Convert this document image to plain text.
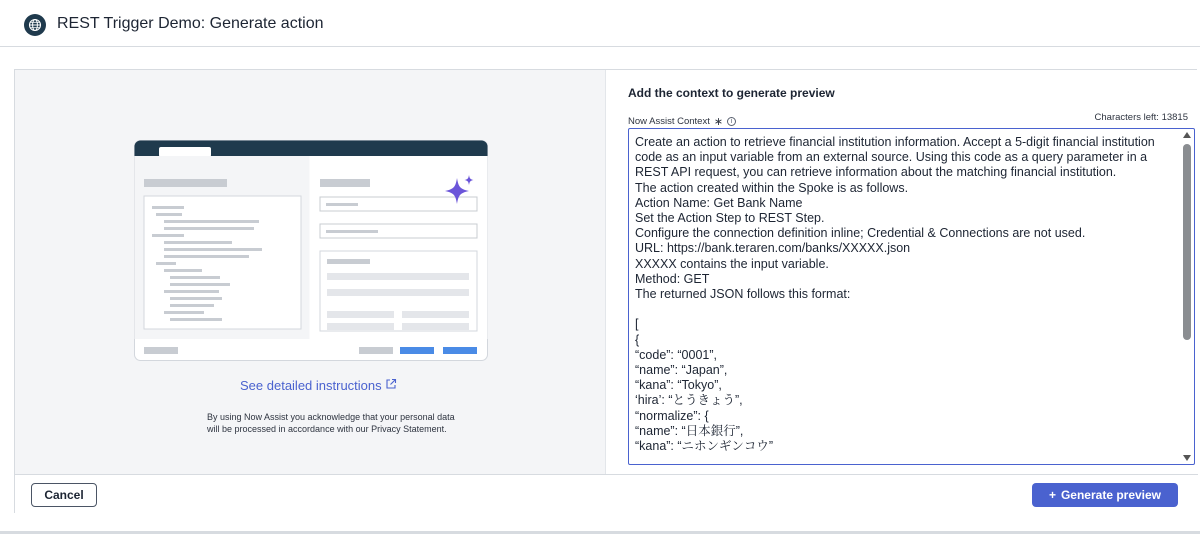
REST Trigger Demo: Generate action
See detailed instructions

By using Now Assist you acknowledge that your personal data will be processed in accordance with our Privacy Statement.

Add the context to generate preview
Now Assist Context ∗	i	Characters left: 13815
Create an action to retrieve financial institution information. Accept a 5-digit financial institution code as an input variable from an external source. Using this code as a query parameter in a REST API request, you can retrieve information about the matching financial institution.
The action created within the Spoke is as follows.
Action Name: Get Bank Name
Set the Action Step to REST Step.
Configure the connection definition inline; Credential & Connections are not used.
URL: https://bank.teraren.com/banks/XXXXX.json
XXXXX contains the input variable.
Method: GET
The returned JSON follows this format:

[
{
“code”: “0001”,
“name”: “Japan”,
“kana”: “Tokyo”,
‘hira’: “とうきょう”,
“normalize”: {
“name”: “日本銀行”,
“kana”: “ニホンギンコウ”
Cancel	+ Generate preview
